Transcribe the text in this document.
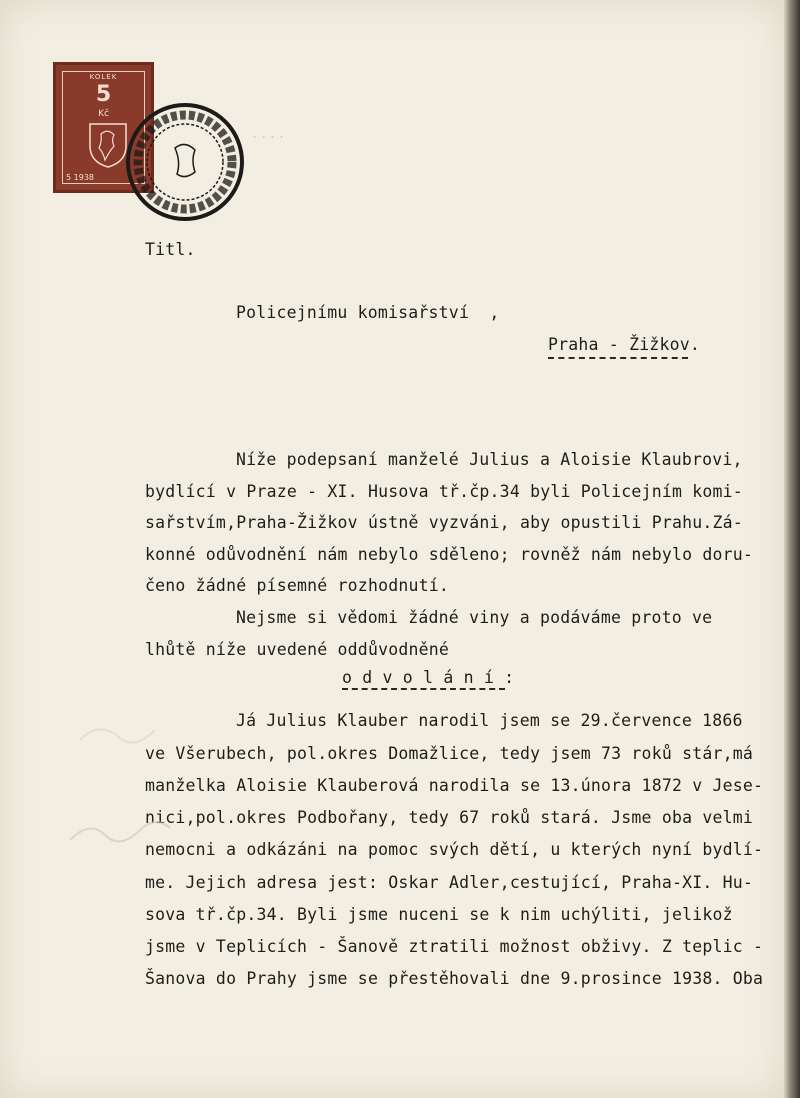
....
KOLEK
5
Kč
5 1938
Titl.
Policejnímu komisařství  ,
Praha - Žižkov.
Níže podepsaní manželé Julius a Aloisie Klaubrovi,
bydlící v Praze - XI. Husova tř.čp.34 byli Policejním komi-
sařstvím,Praha-Žižkov ústně vyzváni, aby opustili Prahu.Zá-
konné odůvodnění nám nebylo sděleno; rovněž nám nebylo doru-
čeno žádné písemné rozhodnutí.
Nejsme si vědomi žádné viny a podáváme proto ve
lhůtě níže uvedené oddůvodněné
o d v o l á n í :
Já Julius Klauber narodil jsem se 29.července 1866
ve Všerubech, pol.okres Domažlice, tedy jsem 73 roků stár,má
manželka Aloisie Klauberová narodila se 13.února 1872 v Jese-
nici,pol.okres Podbořany, tedy 67 roků stará. Jsme oba velmi
nemocni a odkázáni na pomoc svých dětí, u kterých nyní bydlí-
me. Jejich adresa jest: Oskar Adler,cestující, Praha-XI. Hu-
sova tř.čp.34. Byli jsme nuceni se k nim uchýliti, jelikož
jsme v Teplicích - Šanově ztratili možnost obživy. Z teplic -
Šanova do Prahy jsme se přestěhovali dne 9.prosince 1938. Oba
